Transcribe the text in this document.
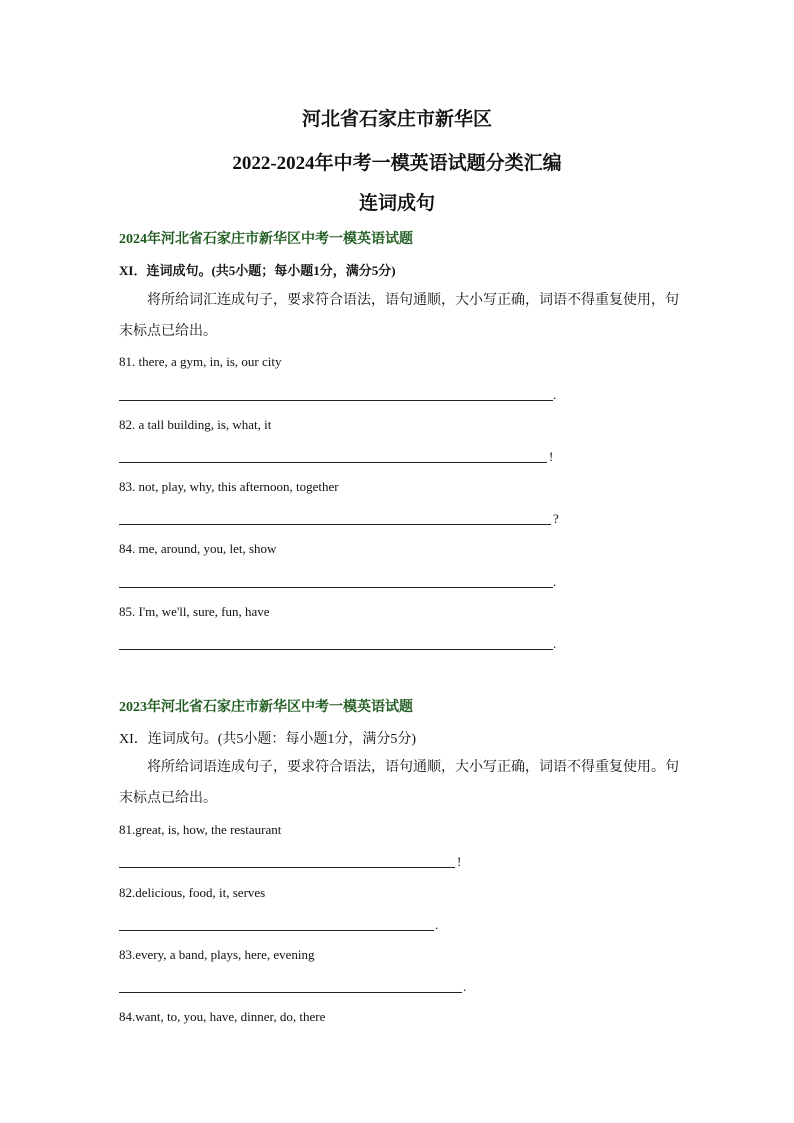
河北省石家庄市新华区
2022-2024年中考一模英语试题分类汇编
连词成句
2024年河北省石家庄市新华区中考一模英语试题
XI．连词成句。(共5小题；每小题1分，满分5分)
将所给词汇连成句子，要求符合语法，语句通顺，大小写正确，词语不得重复使用，句
末标点已给出。
81. there, a gym, in, is, our city
.
82. a tall building, is, what, it
!
83. not, play, why, this afternoon, together
?
84. me, around, you, let, show
.
85. I'm, we'll, sure, fun, have
.
2023年河北省石家庄市新华区中考一模英语试题
XI．连词成句。(共5小题：每小题1分，满分5分)
将所给词语连成句子，要求符合语法，语句通顺，大小写正确，词语不得重复使用。句
末标点已给出。
81.great, is, how, the restaurant
!
82.delicious, food, it, serves
.
83.every, a band, plays, here, evening
.
84.want, to, you, have, dinner, do, there
